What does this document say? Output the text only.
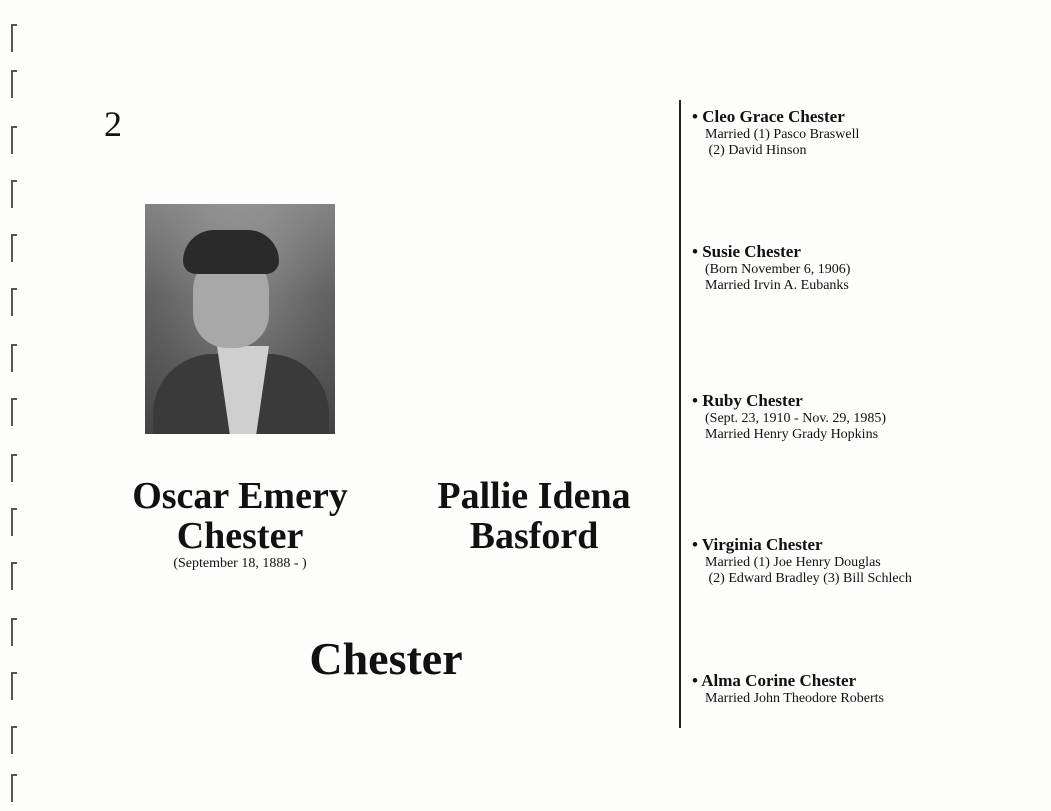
2
Oscar Emery
Chester
(September 18, 1888 - )
Pallie Idena
Basford
Chester
• Cleo Grace Chester
Married (1) Pasco Braswell
(2) David Hinson
• Susie Chester
(Born November 6, 1906)
Married Irvin A. Eubanks
• Ruby Chester
(Sept. 23, 1910 - Nov. 29, 1985)
Married Henry Grady Hopkins
• Virginia Chester
Married (1) Joe Henry Douglas
(2) Edward Bradley (3) Bill Schlech
• Alma Corine Chester
Married John Theodore Roberts
